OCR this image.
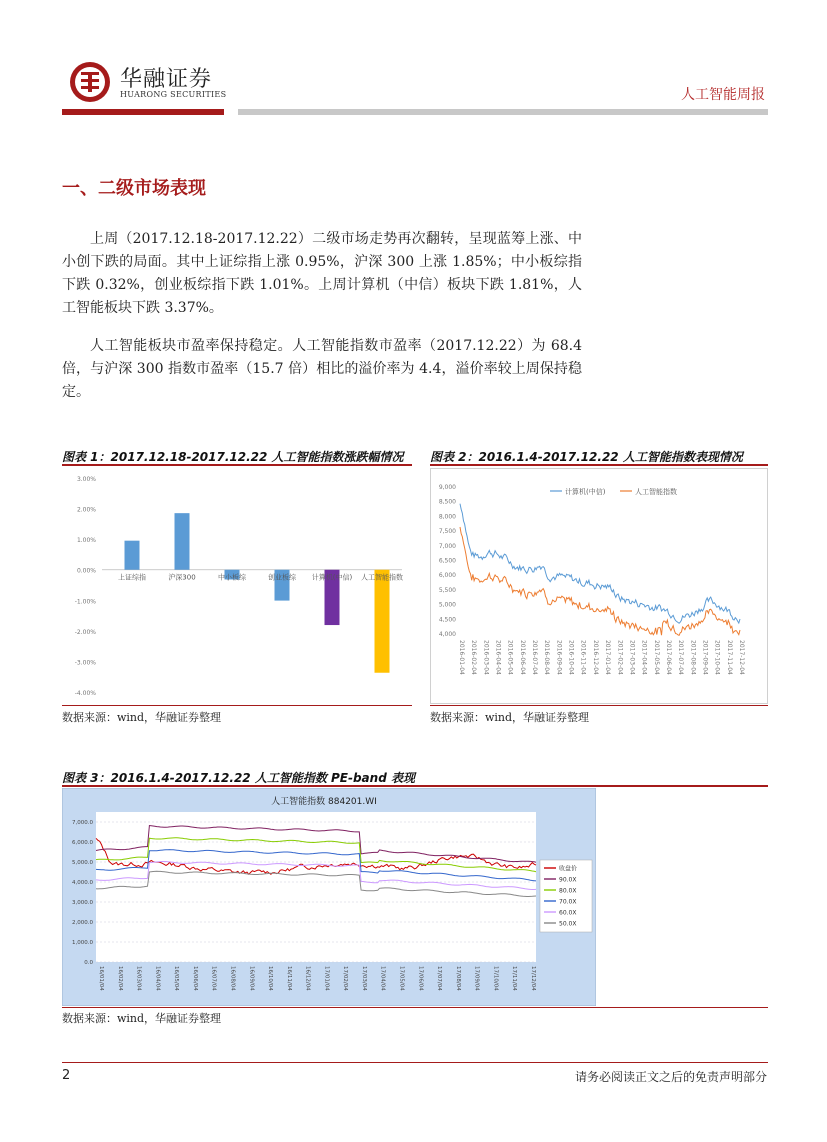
华融证券
HUARONG SECURITIES	人工智能周报
一、二级市场表现
上周（2017.12.18-2017.12.22）二级市场走势再次翻转，呈现蓝筹上涨、中小创下跌的局面。其中上证综指上涨 0.95%，沪深 300 上涨 1.85%；中小板综指下跌 0.32%，创业板综指下跌 1.01%。上周计算机（中信）板块下跌 1.81%，人工智能板块下跌 3.37%。
人工智能板块市盈率保持稳定。人工智能指数市盈率（2017.12.22）为 68.4 倍，与沪深 300 指数市盈率（15.7 倍）相比的溢价率为 4.4，溢价率较上周保持稳定。
图表 1：2017.12.18-2017.12.22 人工智能指数涨跌幅情况
3.00%
2.00%
1.00%
0.00%
-1.00%
-2.00%
-3.00%
-4.00%
上证综指	沪深300	中小板综	创业板综 计算机(中信) 人工智能指数
数据来源：wind，华融证券整理
图表 2：2016.1.4-2017.12.22 人工智能指数表现情况
9,000
8,500
8,000
7,500
7,000
6,500
6,000
5,500
5,000
4,500
4,000
计算机(中信)	人工智能指数
2016-01-04 2016-02-04 2016-03-04 2016-04-04 2016-05-04 2016-06-04 2016-07-04 2016-08-04 2016-09-04 2016-10-04 2016-11-04 2016-12-04 2017-01-04 2017-02-04 2017-03-04 2017-04-04 2017-05-04 2017-06-04 2017-07-04 2017-08-04 2017-09-04 2017-10-04 2017-11-04 2017-12-04
数据来源：wind，华融证券整理
图表 3：2016.1.4-2017.12.22 人工智能指数 PE-band 表现
人工智能指数 884201.WI
7,000.0
6,000.0
5,000.0
4,000.0
3,000.0
2,000.0
1,000.0
0.0
收盘价
90.0X
80.0X
70.0X
60.0X
50.0X
16/01/04 16/02/04 16/03/04 16/04/04 16/05/04 16/06/04 16/07/04 16/08/04 16/09/04 16/10/04 16/11/04 16/12/04 17/01/04 17/02/04 17/03/04 17/04/04 17/05/04 17/06/04 17/07/04 17/08/04 17/09/04 17/10/04 17/11/04 17/12/04
数据来源：wind，华融证券整理
2	请务必阅读正文之后的免责声明部分
